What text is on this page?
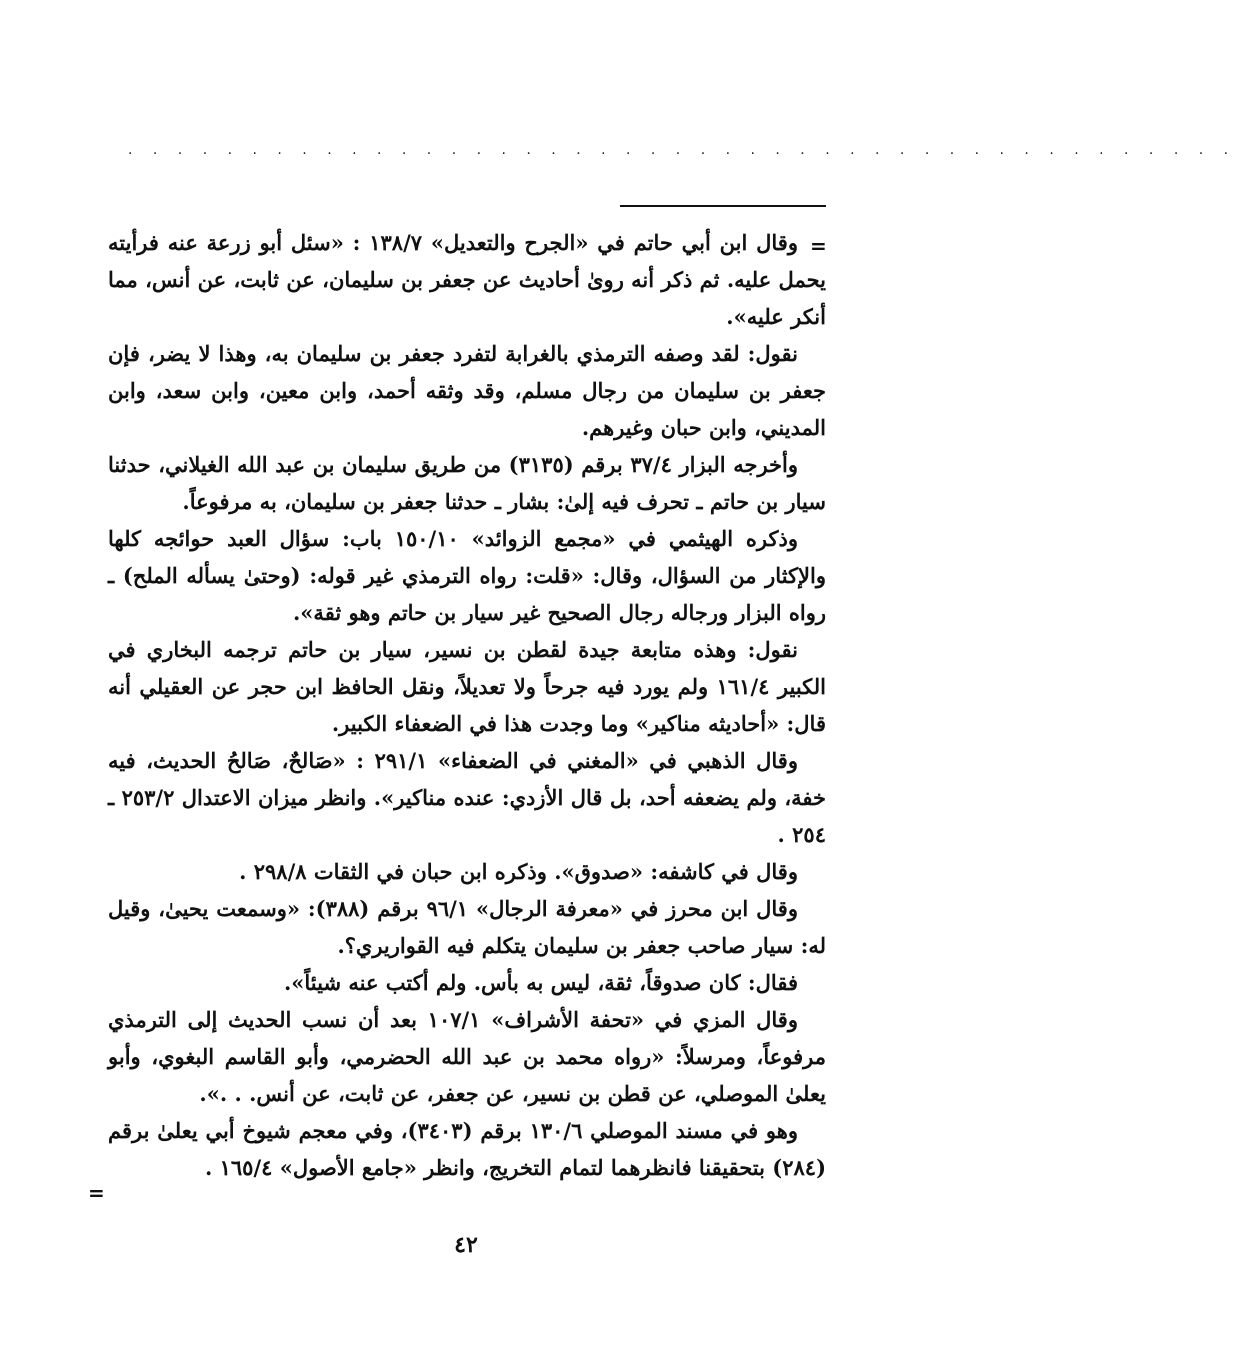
. . . . . . . . . . . . . . . . . . . . . . . . . . . . . . . . . . . . . . . . . . . . .
=

وقال ابن أبي حاتم في «الجرح والتعديل» ١٣٨/٧ : «سئل أبو زرعة عنه فرأيته يحمل عليه. ثم ذكر أنه روىٰ أحاديث عن جعفر بن سليمان، عن ثابت، عن أنس، مما أنكر عليه».

نقول: لقد وصفه الترمذي بالغرابة لتفرد جعفر بن سليمان به، وهذا لا يضر، فإن جعفر بن سليمان من رجال مسلم، وقد وثقه أحمد، وابن معين، وابن سعد، وابن المديني، وابن حبان وغيرهم.

وأخرجه البزار ٣٧/٤ برقم (٣١٣٥) من طريق سليمان بن عبد الله الغيلاني، حدثنا سيار بن حاتم ـ تحرف فيه إلىٰ: بشار ـ حدثنا جعفر بن سليمان، به مرفوعاً.

وذكره الهيثمي في «مجمع الزوائد» ١٥٠/١٠ باب: سؤال العبد حوائجه كلها والإكثار من السؤال، وقال: «قلت: رواه الترمذي غير قوله: (وحتىٰ يسأله الملح) ـ رواه البزار ورجاله رجال الصحيح غير سيار بن حاتم وهو ثقة».

نقول: وهذه متابعة جيدة لقطن بن نسير، سيار بن حاتم ترجمه البخاري في الكبير ١٦١/٤ ولم يورد فيه جرحاً ولا تعديلاً، ونقل الحافظ ابن حجر عن العقيلي أنه قال: «أحاديثه مناكير» وما وجدت هذا في الضعفاء الكبير.

وقال الذهبي في «المغني في الضعفاء» ٢٩١/١ : «صَالحٌ، صَالحُ الحديث، فيه خفة، ولم يضعفه أحد، بل قال الأزدي: عنده مناكير». وانظر ميزان الاعتدال ٢٥٣/٢ ـ ٢٥٤ .

وقال في كاشفه: «صدوق». وذكره ابن حبان في الثقات ٢٩٨/٨ .

وقال ابن محرز في «معرفة الرجال» ٩٦/١ برقم (٣٨٨): «وسمعت يحيىٰ، وقيل له: سيار صاحب جعفر بن سليمان يتكلم فيه القواريري؟.

فقال: كان صدوقاً، ثقة، ليس به بأس. ولم أكتب عنه شيئاً».

وقال المزي في «تحفة الأشراف» ١٠٧/١ بعد أن نسب الحديث إلى الترمذي مرفوعاً، ومرسلاً: «رواه محمد بن عبد الله الحضرمي، وأبو القاسم البغوي، وأبو يعلىٰ الموصلي، عن قطن بن نسير، عن جعفر، عن ثابت، عن أنس. . .».

وهو في مسند الموصلي ١٣٠/٦ برقم (٣٤٠٣)، وفي معجم شيوخ أبي يعلىٰ برقم (٢٨٤) بتحقيقنا فانظرهما لتمام التخريج، وانظر «جامع الأصول» ١٦٥/٤ .

=
٤٢
